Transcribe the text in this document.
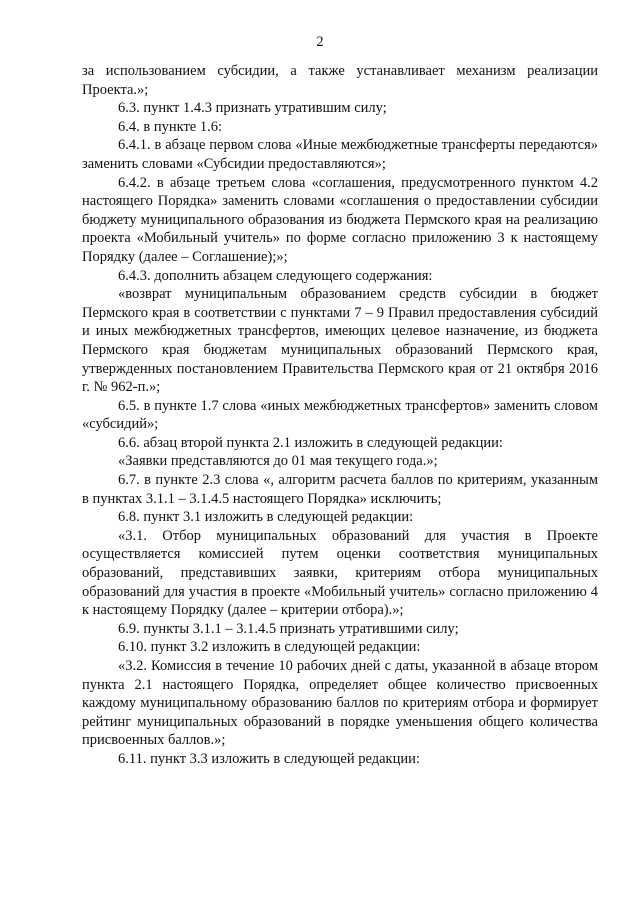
2

за использованием субсидии, а также устанавливает механизм реализации Проекта.»;

6.3. пункт 1.4.3 признать утратившим силу;

6.4. в пункте 1.6:

6.4.1. в абзаце первом слова «Иные межбюджетные трансферты передаются» заменить словами «Субсидии предоставляются»;

6.4.2. в абзаце третьем слова «соглашения, предусмотренного пунктом 4.2 настоящего Порядка» заменить словами «соглашения о предоставлении субсидии бюджету муниципального образования из бюджета Пермского края на реализацию проекта «Мобильный учитель» по форме согласно приложению 3 к настоящему Порядку (далее – Соглашение);»;

6.4.3. дополнить абзацем следующего содержания:

«возврат муниципальным образованием средств субсидии в бюджет Пермского края в соответствии с пунктами 7 – 9 Правил предоставления субсидий и иных межбюджетных трансфертов, имеющих целевое назначение, из бюджета Пермского края бюджетам муниципальных образований Пермского края, утвержденных постановлением Правительства Пермского края от 21 октября 2016 г. № 962-п.»;

6.5. в пункте 1.7 слова «иных межбюджетных трансфертов» заменить словом «субсидий»;

6.6. абзац второй пункта 2.1 изложить в следующей редакции:

«Заявки представляются до 01 мая текущего года.»;

6.7. в пункте 2.3 слова «, алгоритм расчета баллов по критериям, указанным в пунктах 3.1.1 – 3.1.4.5 настоящего Порядка» исключить;

6.8. пункт 3.1 изложить в следующей редакции:

«3.1. Отбор муниципальных образований для участия в Проекте осуществляется комиссией путем оценки соответствия муниципальных образований, представивших заявки, критериям отбора муниципальных образований для участия в проекте «Мобильный учитель» согласно приложению 4 к настоящему Порядку (далее – критерии отбора).»;

6.9. пункты 3.1.1 – 3.1.4.5 признать утратившими силу;

6.10. пункт 3.2 изложить в следующей редакции:

«3.2. Комиссия в течение 10 рабочих дней с даты, указанной в абзаце втором пункта 2.1 настоящего Порядка, определяет общее количество присвоенных каждому муниципальному образованию баллов по критериям отбора и формирует рейтинг муниципальных образований в порядке уменьшения общего количества присвоенных баллов.»;

6.11. пункт 3.3 изложить в следующей редакции:
